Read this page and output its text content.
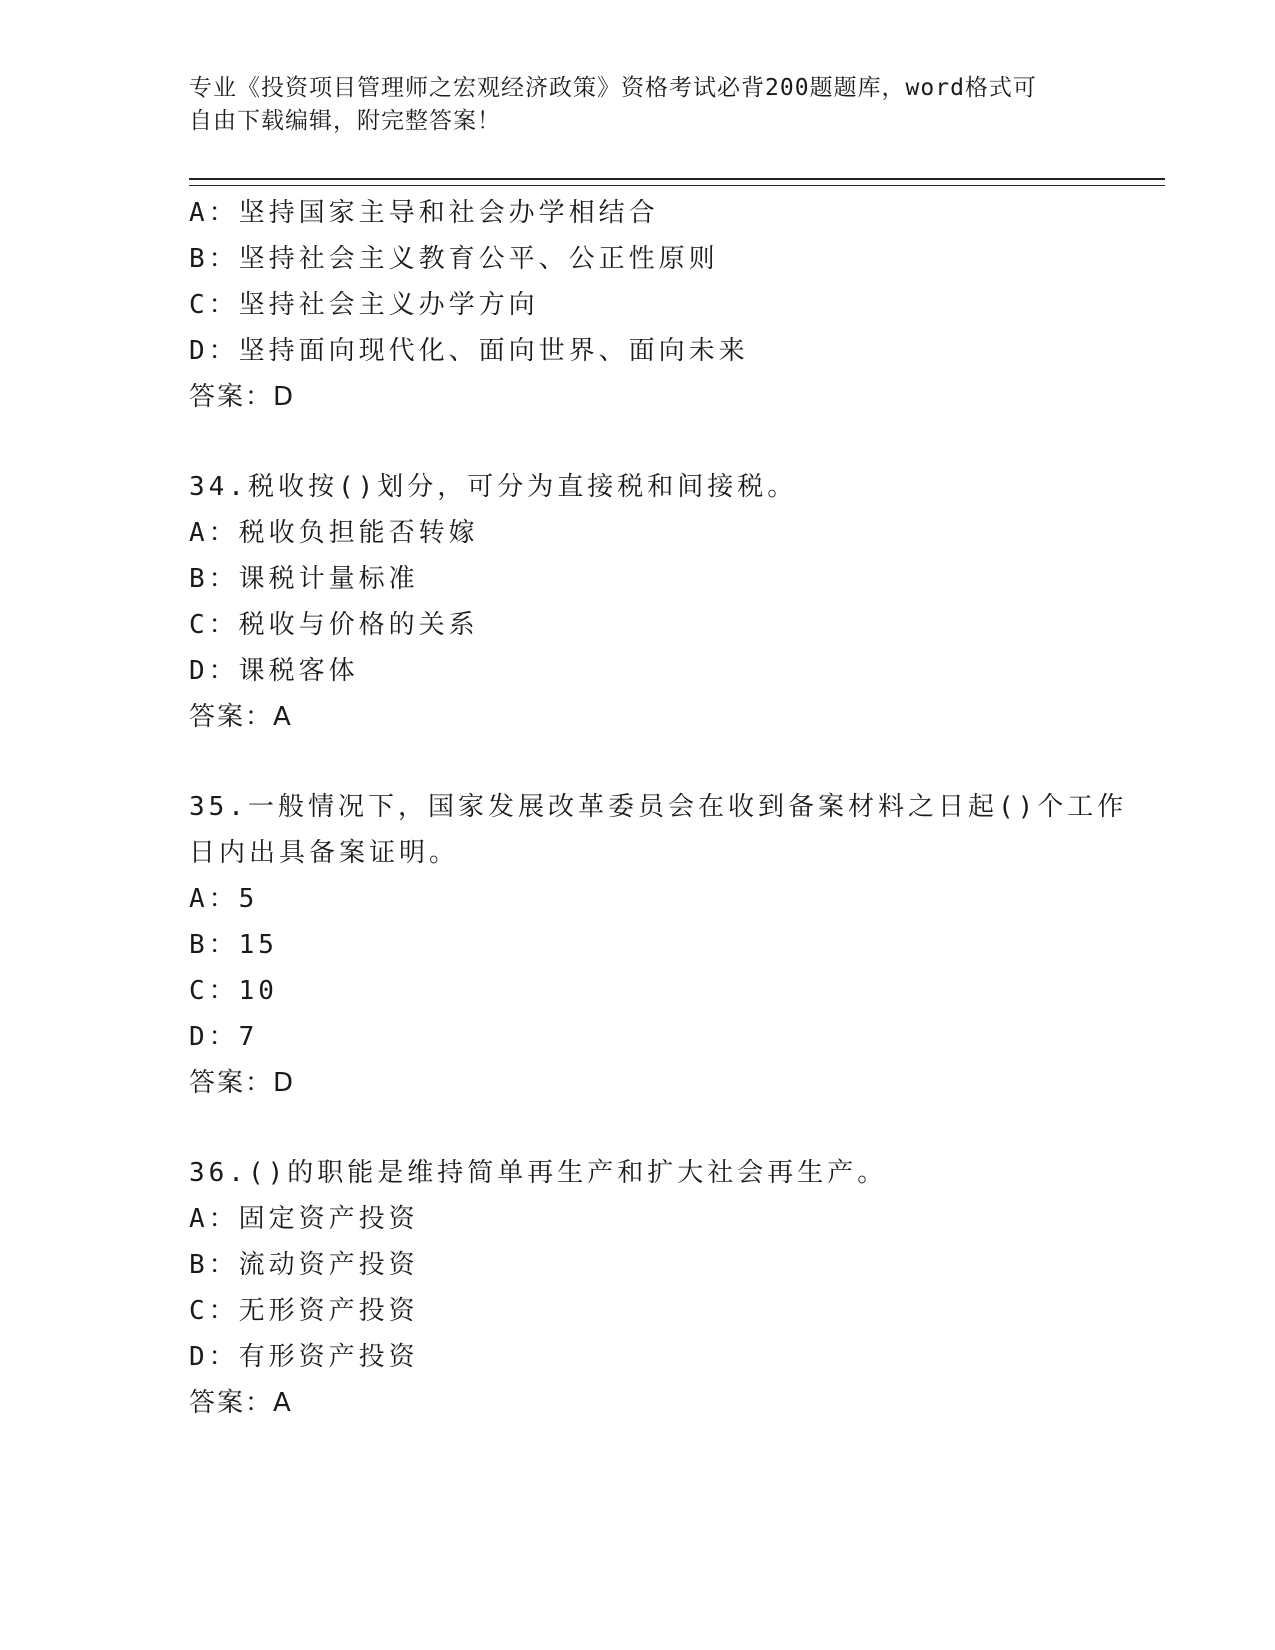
专业《投资项目管理师之宏观经济政策》资格考试必背200题题库，word格式可
自由下载编辑，附完整答案！
A：坚持国家主导和社会办学相结合
B：坚持社会主义教育公平、公正性原则
C：坚持社会主义办学方向
D：坚持面向现代化、面向世界、面向未来
答案：D
34.税收按()划分，可分为直接税和间接税。
A：税收负担能否转嫁
B：课税计量标准
C：税收与价格的关系
D：课税客体
答案：A
35.一般情况下，国家发展改革委员会在收到备案材料之日起()个工作
日内出具备案证明。
A：5
B：15
C：10
D：7
答案：D
36.()的职能是维持简单再生产和扩大社会再生产。
A：固定资产投资
B：流动资产投资
C：无形资产投资
D：有形资产投资
答案：A
